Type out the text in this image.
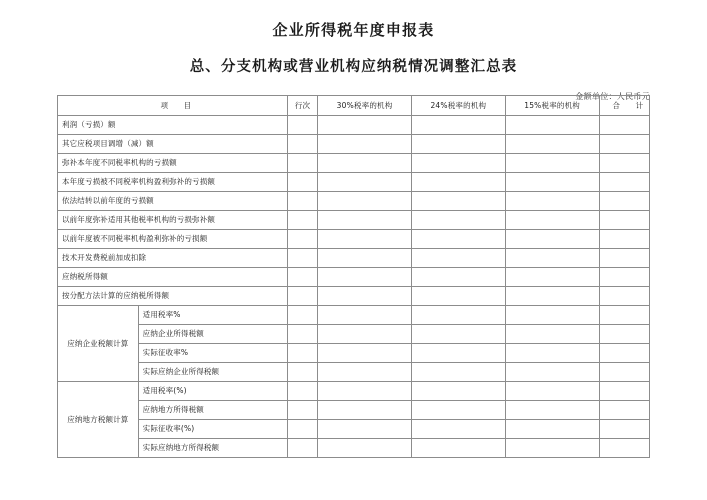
企业所得税年度申报表
总、分支机构或营业机构应纳税情况调整汇总表
金额单位：人民币元
项　　目		行次	30%税率的机构	24%税率的机构	15%税率的机构	合　　计
利润（亏损）额						
其它应税项目调增（减）额						
弥补本年度不同税率机构的亏损额						
本年度亏损被不同税率机构盈利弥补的亏损额						
依法结转以前年度的亏损额						
以前年度弥补适用其他税率机构的亏损弥补额						
以前年度被不同税率机构盈利弥补的亏损额						
技术开发费税前加成扣除						
应纳税所得额						
按分配方法计算的应纳税所得额						
应纳企业税额计算	适用税率%					
	应纳企业所得税额					
	实际征收率%					
	实际应纳企业所得税额					
应纳地方税额计算	适用税率(%)					
	应纳地方所得税额					
	实际征收率(%)					
	实际应纳地方所得税额					
